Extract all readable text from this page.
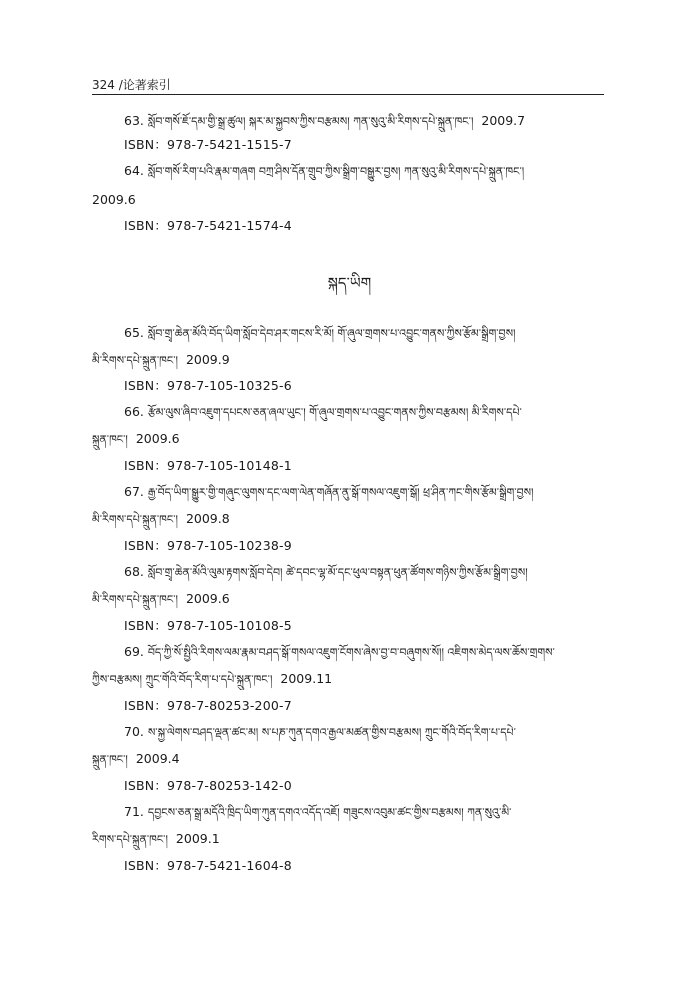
324 /论著索引
སྐད་ཡིག
63. སློབ་གསོ་ཇོ་དམ་གྱི་སྒྲ་ཚུལ། སྐར་མ་སྐྱབས་ཀྱིས་བརྩམས། ཀན་སུའུ་མི་རིགས་དཔེ་སྐྲུན་ཁང་། 2009.7
ISBN：978-7-5421-1515-7
64. སློབ་གསོ་རིག་པའི་རྣམ་གཞག བཀྲ་ཤིས་དོན་གྲུབ་ཀྱིས་སྒྲིག་བསྒྱུར་བྱས། ཀན་སུའུ་མི་རིགས་དཔེ་སྐྲུན་ཁང་།
2009.6
ISBN：978-7-5421-1574-4
65. སློབ་གྲྭ་ཆེན་མོའི་བོད་ཡིག་སློབ་དེབ་ཤར་གངས་རི་མོ། གོ་ཞུལ་གྲགས་པ་འབྱུང་གནས་ཀྱིས་རྩོམ་སྒྲིག་བྱས།
མི་རིགས་དཔེ་སྐྲུན་ཁང་། 2009.9
ISBN：978-7-105-10325-6
66. རྩོམ་ལུས་ཞིབ་འཇུག་དཔངས་ཅན་ཞལ་ཡུང་། གོ་ཞུལ་གྲགས་པ་འབྱུང་གནས་ཀྱིས་བརྩམས། མི་རིགས་དཔེ་
སྐྲུན་ཁང་། 2009.6
ISBN：978-7-105-10148-1
67. རྒྱ་བོད་ཡིག་སྒྱུར་གྱི་གཞུང་ལུགས་དང་ལག་ལེན་གཞོན་ནུ་སྒོ་གསལ་འཇུག་སྒོ། ཕྲ་ཤིན་ཀང་གིས་རྩོམ་སྒྲིག་བྱས།
མི་རིགས་དཔེ་སྐྲུན་ཁང་། 2009.8
ISBN：978-7-105-10238-9
68. སློབ་གྲྭ་ཆེན་མོའི་ལུམ་རྟགས་སློབ་དེབ། ཚེ་དབང་ལྷ་མོ་དང་ཕུལ་བསྟན་ཕུན་ཚོགས་གཉིས་ཀྱིས་རྩོམ་སྒྲིག་བྱས།
མི་རིགས་དཔེ་སྐྲུན་ཁང་། 2009.6
ISBN：978-7-105-10108-5
69. བོད་ཀྱི་སོ་སྤྱིའི་རིགས་ལམ་རྣམ་བཤད་སྒོ་གསལ་འཇུག་ངོགས་ཞེས་བྱ་བ་བཞུགས་སོ།། འཇིགས་མེད་ལས་ཆོས་གྲགས་
ཀྱིས་བརྩམས། ཀྲུང་གོའི་བོད་རིག་པ་དཔེ་སྐྲུན་ཁང་། 2009.11
ISBN：978-7-80253-200-7
70. ས་སྐྱ་ལེགས་བཤད་ལྡན་ཚང་མ། ས་པཎ་ཀུན་དགའ་རྒྱལ་མཚན་གྱིས་བརྩམས། ཀྲུང་གོའི་བོད་རིག་པ་དཔེ་
སྐྲུན་ཁང་། 2009.4
ISBN：978-7-80253-142-0
71. དབྱངས་ཅན་སྒྲ་མདོའི་ཁྲིད་ཡིག་ཀུན་དགའ་འདོད་འཇོ། གཟུངས་འབུམ་ཚང་གྱིས་བརྩམས། ཀན་སུའུ་མི་
རིགས་དཔེ་སྐྲུན་ཁང་། 2009.1
ISBN：978-7-5421-1604-8
